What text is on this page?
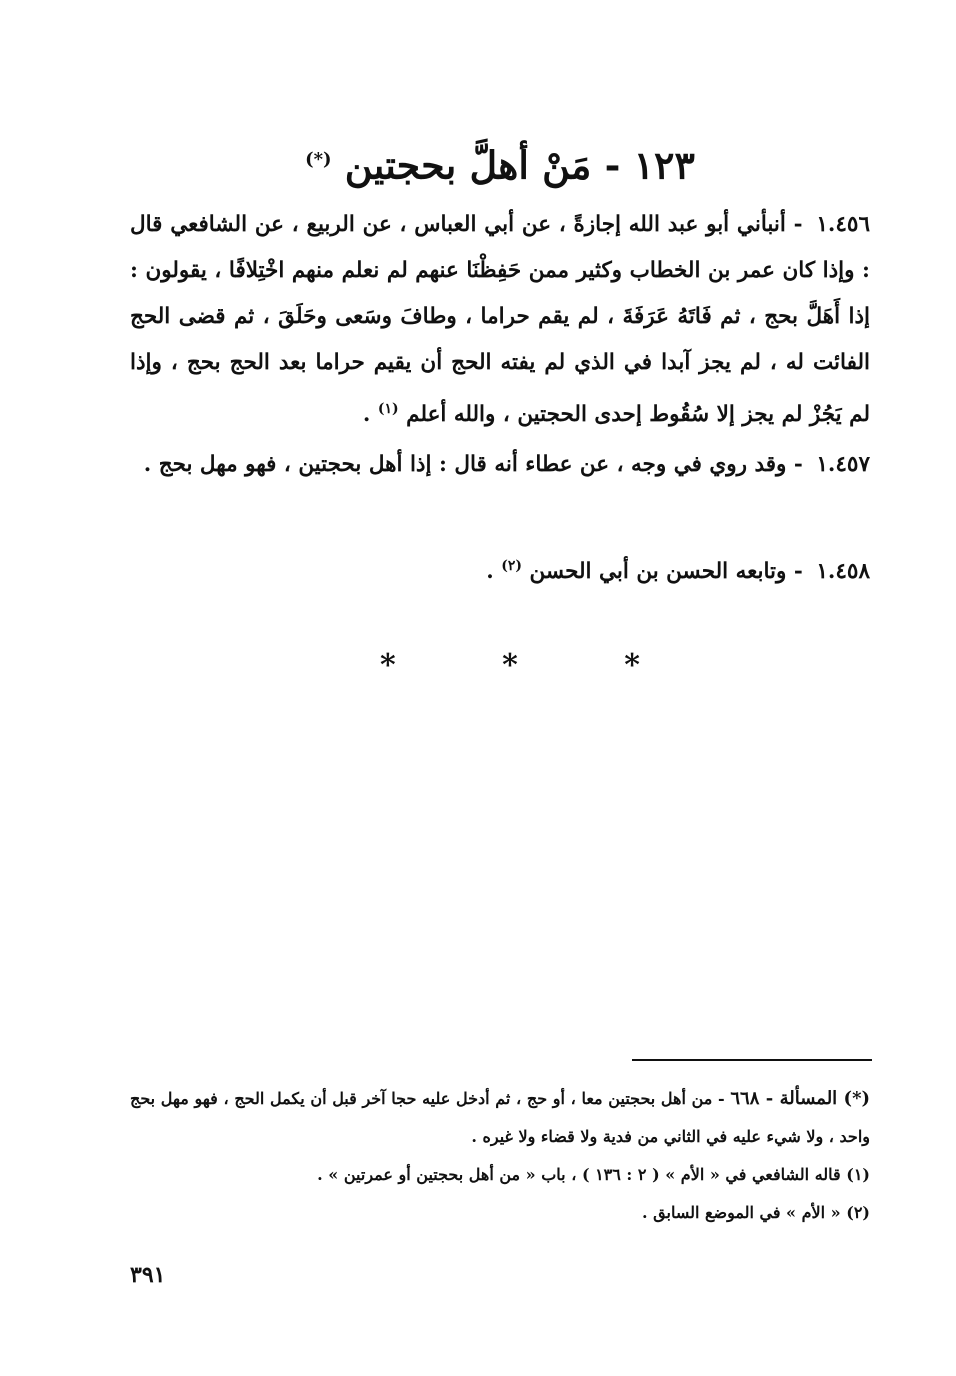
١٢٣ - مَنْ أهلَّ بحجتين (*)
١.٤٥٦ - أنبأني أبو عبد الله إجازةً ، عن أبي العباس ، عن الربيع ، عن الشافعي قال : وإذا كان عمر بن الخطاب وكثير ممن حَفِظْنَا عنهم لم نعلم منهم اخْتِلافًا ، يقولون : إذا أَهَلَّ بحج ، ثم فَاتَهُ عَرَفَةَ ، لم يقم حراما ، وطافَ وسَعى وحَلَقَ ، ثم قضى الحج الفائت له ، لم يجز آبدا في الذي لم يفته الحج أن يقيم حراما بعد الحج بحج ، وإذا لم يَجُزْ لم يجز إلا سُقُوط إحدى الحجتين ، والله أعلم $^{(١)}$ .
١.٤٥٧ - وقد روي في وجه ، عن عطاء أنه قال : إذا أهل بحجتين ، فهو مهل بحج .
١.٤٥٨ - وتابعه الحسن بن أبي الحسن $^{(٢)}$ .
*	*	*

(*) المسألة - ٦٦٨ - من أهل بحجتين معا ، أو حج ، ثم أدخل عليه حجا آخر قبل أن يكمل الحج ، فهو مهل بحج واحد ، ولا شيء عليه في الثاني من فدية ولا قضاء ولا غيره .

(١) قاله الشافعي في « الأم » ( ٢ : ١٣٦ ) ، باب « من أهل بحجتين أو عمرتين » .

(٢) « الأم » في الموضع السابق .

٣٩١
